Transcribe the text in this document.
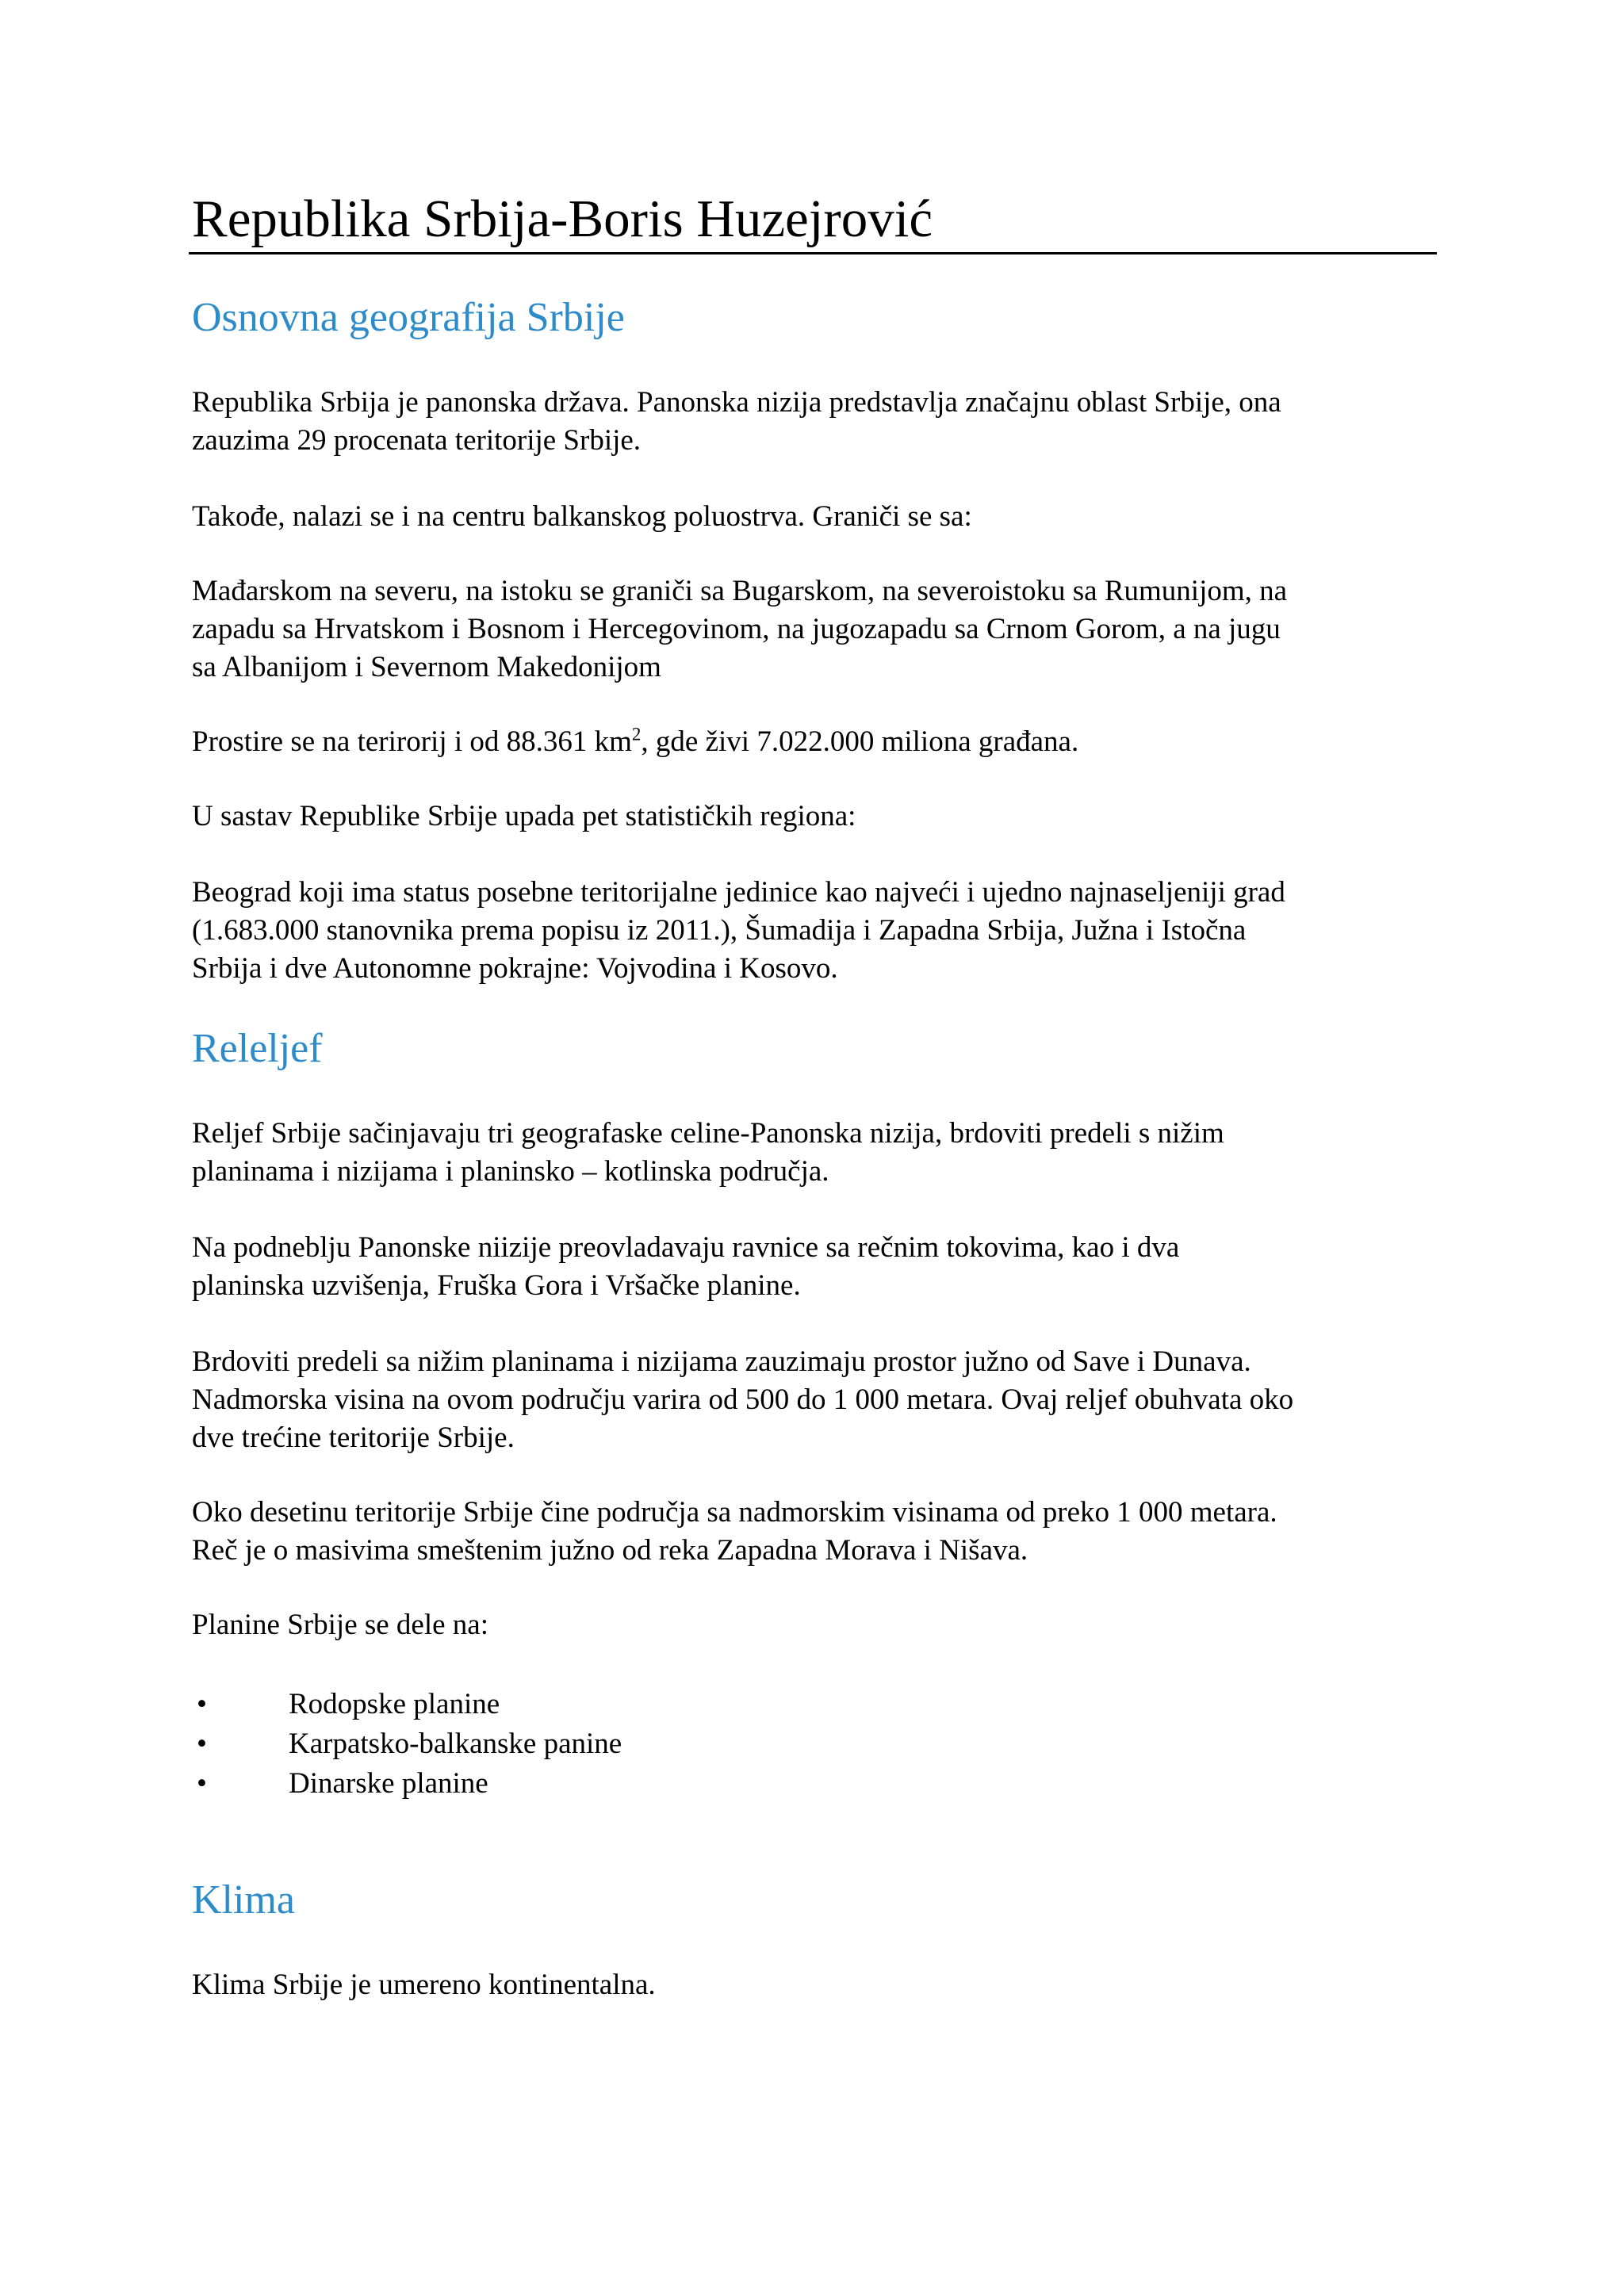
Republika Srbija-Boris Huzejrović
Osnovna geografija Srbije

Republika Srbija je panonska država. Panonska nizija predstavlja značajnu oblast Srbije, ona
zauzima 29 procenata teritorije Srbije.

Takođe, nalazi se i na centru balkanskog poluostrva. Graniči se sa:

Mađarskom na severu, na istoku se graniči sa Bugarskom, na severoistoku sa Rumunijom, na
zapadu sa Hrvatskom i Bosnom i Hercegovinom, na jugozapadu sa Crnom Gorom, a na jugu
sa Albanijom i Severnom Makedonijom

Prostire se na terirorij i od 88.361 $km^2$, gde živi 7.022.000 miliona građana.

U sastav Republike Srbije upada pet statističkih regiona:

Beograd koji ima status posebne teritorijalne jedinice kao najveći i ujedno najnaseljeniji grad
(1.683.000 stanovnika prema popisu iz 2011.), Šumadija i Zapadna Srbija, Južna i Istočna
Srbija i dve Autonomne pokrajne: Vojvodina i Kosovo.

Releljef

Reljef Srbije sačinjavaju tri geografaske celine-Panonska nizija, brdoviti predeli s nižim
planinama i nizijama i planinsko – kotlinska područja.

Na podneblju Panonske niizije preovladavaju ravnice sa rečnim tokovima, kao i dva
planinska uzvišenja, Fruška Gora i Vršačke planine.

Brdoviti predeli sa nižim planinama i nizijama zauzimaju prostor južno od Save i Dunava.
Nadmorska visina na ovom području varira od 500 do 1 000 metara. Ovaj reljef obuhvata oko
dve trećine teritorije Srbije.

Oko desetinu teritorije Srbije čine područja sa nadmorskim visinama od preko 1 000 metara.
Reč je o masivima smeštenim južno od reka Zapadna Morava i Nišava.

Planine Srbije se dele na:

•	Rodopske planine
•	Karpatsko-balkanske panine
•	Dinarske planine
Klima

Klima Srbije je umereno kontinentalna.
